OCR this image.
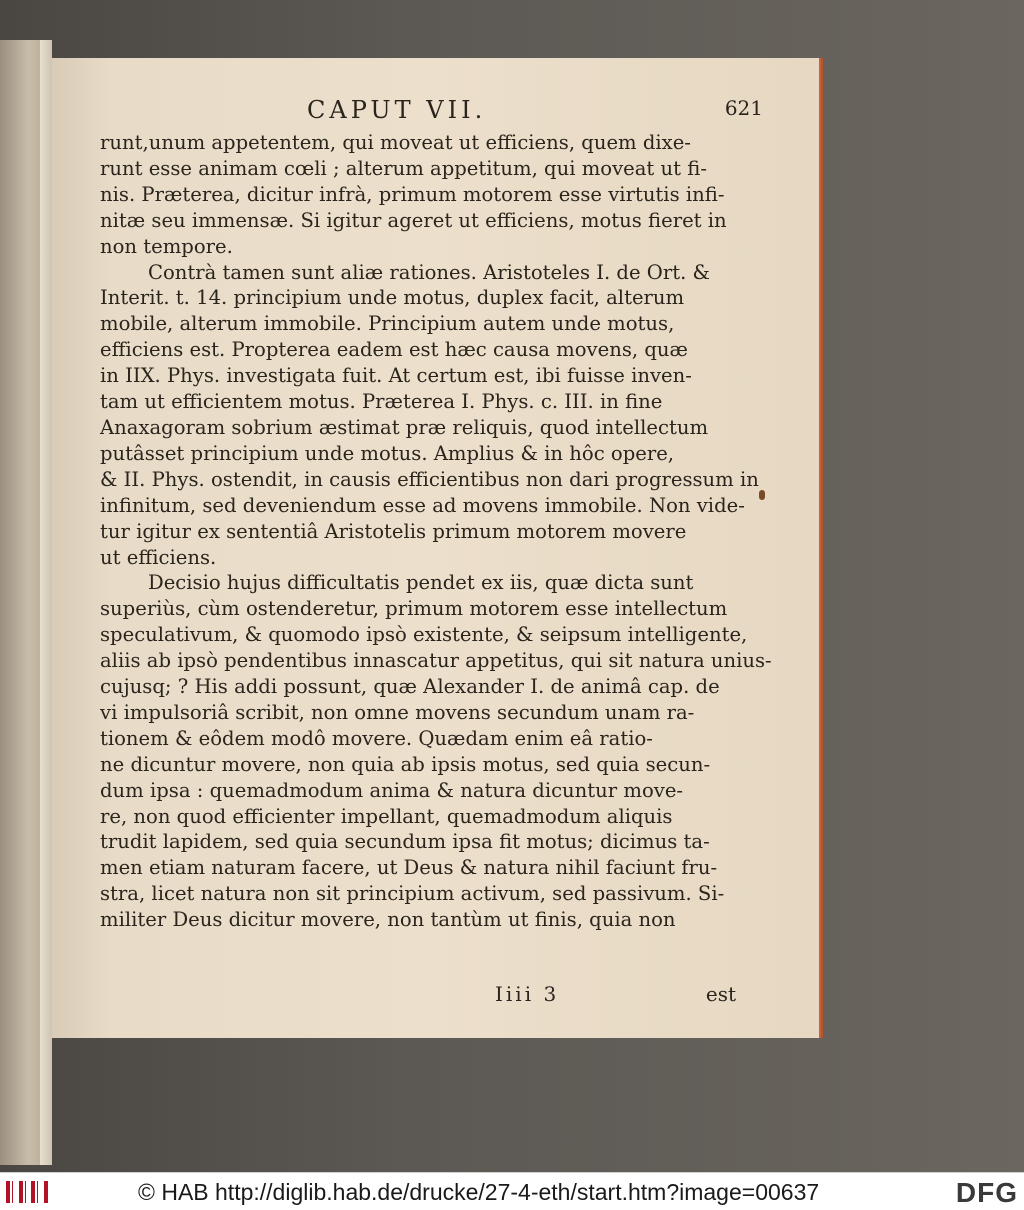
CAPUT VII.	621
runt,unum appetentem, qui moveat ut efficiens, quem dixe-
runt esse animam cœli ; alterum appetitum, qui moveat ut fi-
nis. Præterea, dicitur infrà, primum motorem esse virtutis infi-
nitæ seu immensæ. Si igitur ageret ut efficiens, motus fieret in
non tempore.
Contrà tamen sunt aliæ rationes. Aristoteles I. de Ort. &
Interit. t. 14. principium unde motus, duplex facit, alterum
mobile, alterum immobile. Principium autem unde motus,
efficiens est. Propterea eadem est hæc causa movens, quæ
in IIX. Phys. investigata fuit. At certum est, ibi fuisse inven-
tam ut efficientem motus. Præterea I. Phys. c. III. in fine
Anaxagoram sobrium æstimat præ reliquis, quod intellectum
putâsset principium unde motus. Amplius & in hôc opere,
& II. Phys. ostendit, in causis efficientibus non dari progressum in
infinitum, sed deveniendum esse ad movens immobile. Non vide-
tur igitur ex sententiâ Aristotelis primum motorem movere
ut efficiens.
Decisio hujus difficultatis pendet ex iis, quæ dicta sunt
superiùs, cùm ostenderetur, primum motorem esse intellectum
speculativum, & quomodo ipsò existente, & seipsum intelligente,
aliis ab ipsò pendentibus innascatur appetitus, qui sit natura unius-
cujusq; ? His addi possunt, quæ Alexander I. de animâ cap. de
vi impulsoriâ scribit, non omne movens secundum unam ra-
tionem & eôdem modô movere. Quædam enim eâ ratio-
ne dicuntur movere, non quia ab ipsis motus, sed quia secun-
dum ipsa : quemadmodum anima & natura dicuntur move-
re, non quod efficienter impellant, quemadmodum aliquis
trudit lapidem, sed quia secundum ipsa fit motus; dicimus ta-
men etiam naturam facere, ut Deus & natura nihil faciunt fru-
stra, licet natura non sit principium activum, sed passivum. Si-
militer Deus dicitur movere, non tantùm ut finis, quia non
Iiii 3	est
© HAB http://diglib.hab.de/drucke/27-4-eth/start.htm?image=00637	DFG
